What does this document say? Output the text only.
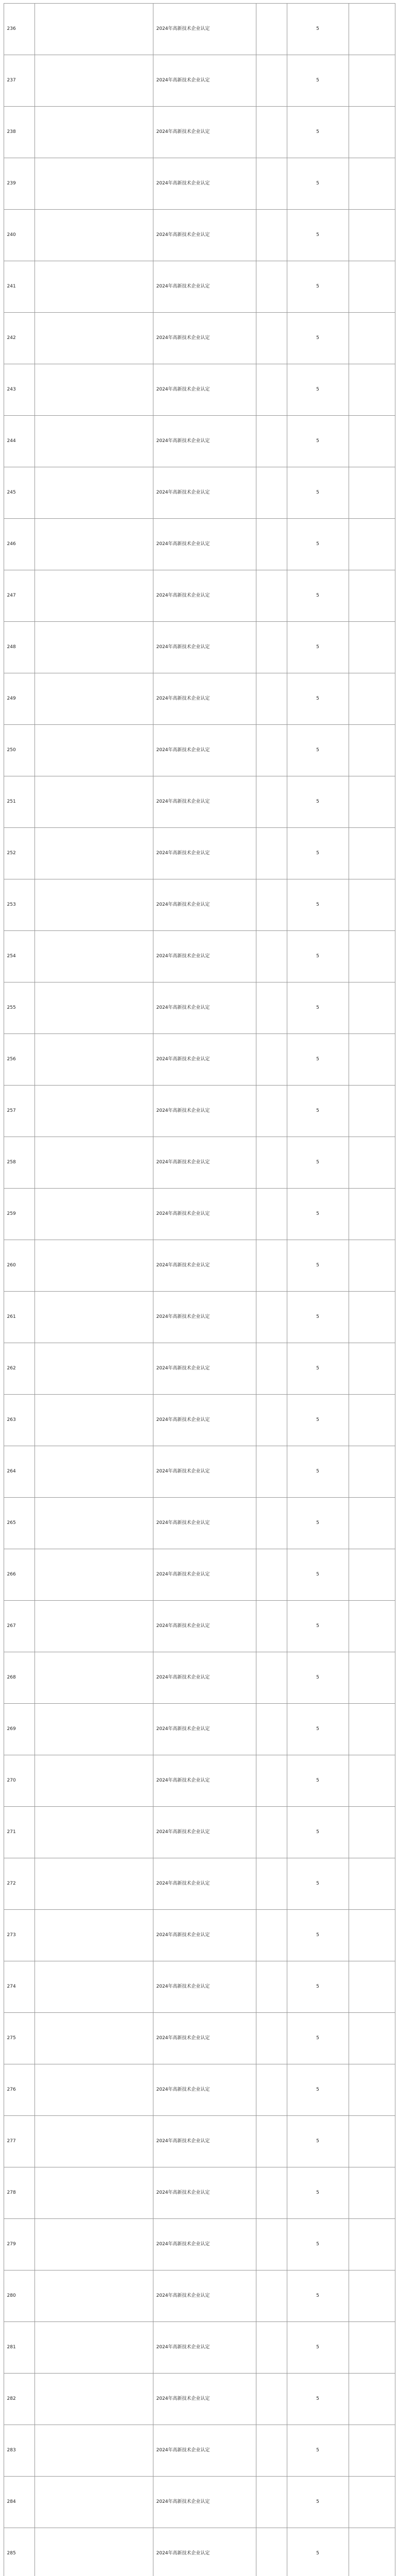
236		2024年高新技术企业认定		5	
237		2024年高新技术企业认定		5	
238		2024年高新技术企业认定		5	
239		2024年高新技术企业认定		5	
240		2024年高新技术企业认定		5	
241		2024年高新技术企业认定		5	
242		2024年高新技术企业认定		5	
243		2024年高新技术企业认定		5	
244		2024年高新技术企业认定		5	
245		2024年高新技术企业认定		5	
246		2024年高新技术企业认定		5	
247		2024年高新技术企业认定		5	
248		2024年高新技术企业认定		5	
249		2024年高新技术企业认定		5	
250		2024年高新技术企业认定		5	
251		2024年高新技术企业认定		5	
252		2024年高新技术企业认定		5	
253		2024年高新技术企业认定		5	
254		2024年高新技术企业认定		5	
255		2024年高新技术企业认定		5	
256		2024年高新技术企业认定		5	
257		2024年高新技术企业认定		5	
258		2024年高新技术企业认定		5	
259		2024年高新技术企业认定		5	
260		2024年高新技术企业认定		5	
261		2024年高新技术企业认定		5	
262		2024年高新技术企业认定		5	
263		2024年高新技术企业认定		5	
264		2024年高新技术企业认定		5	
265		2024年高新技术企业认定		5	
266		2024年高新技术企业认定		5	
267		2024年高新技术企业认定		5	
268		2024年高新技术企业认定		5	
269		2024年高新技术企业认定		5	
270		2024年高新技术企业认定		5	
271		2024年高新技术企业认定		5	
272		2024年高新技术企业认定		5	
273		2024年高新技术企业认定		5	
274		2024年高新技术企业认定		5	
275		2024年高新技术企业认定		5	
276		2024年高新技术企业认定		5	
277		2024年高新技术企业认定		5	
278		2024年高新技术企业认定		5	
279		2024年高新技术企业认定		5	
280		2024年高新技术企业认定		5	
281		2024年高新技术企业认定		5	
282		2024年高新技术企业认定		5	
283		2024年高新技术企业认定		5	
284		2024年高新技术企业认定		5	
285		2024年高新技术企业认定		5	
